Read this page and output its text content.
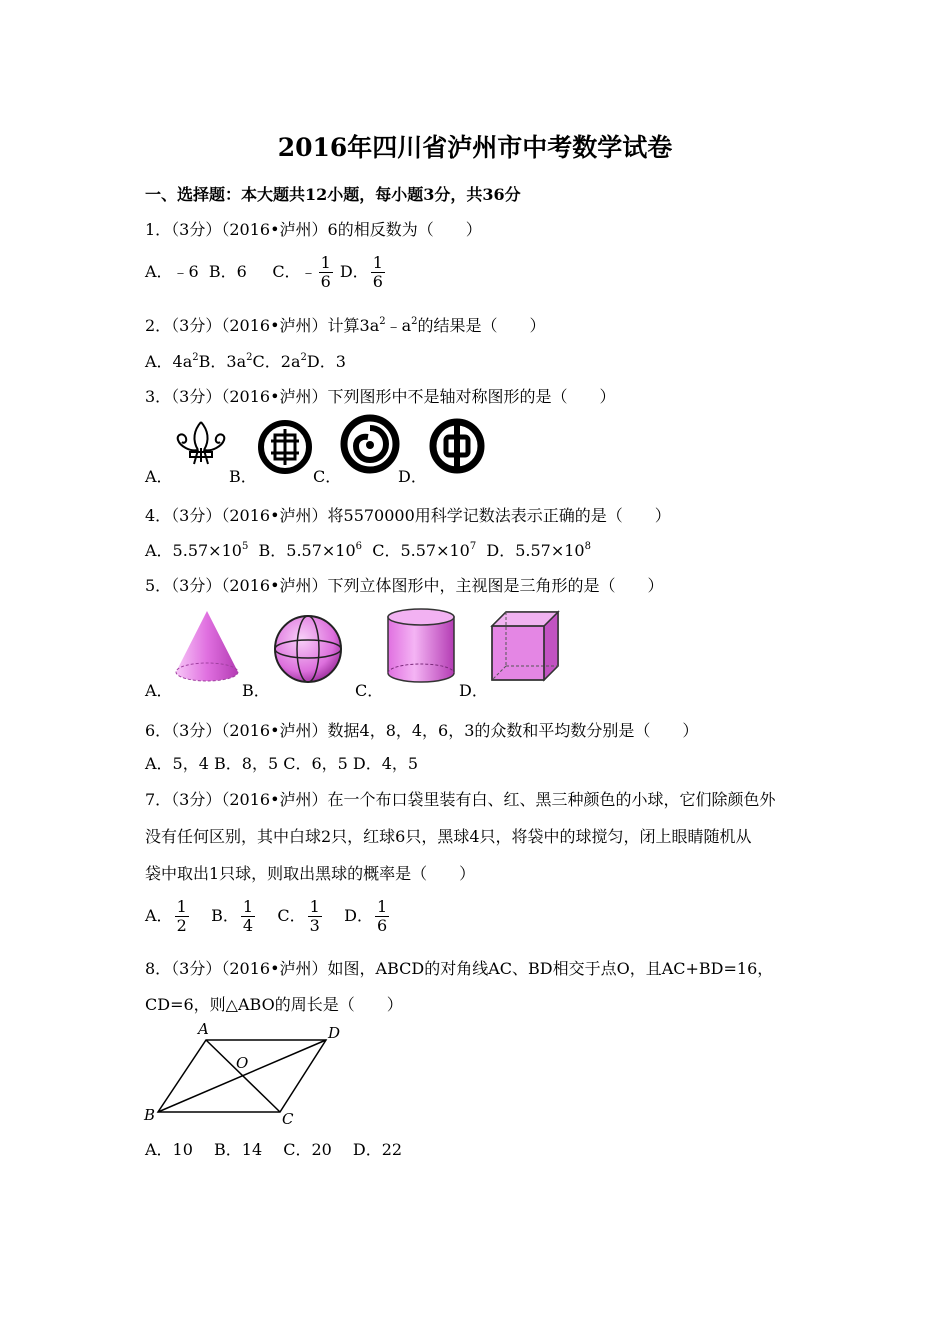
2016年四川省泸州市中考数学试卷
一、选择题：本大题共12小题，每小题3分，共36分
1．（3分）（2016•泸州）6的相反数为（　　）
A．﹣6 B．6 C．﹣ $\frac{1}{6}$ D． $\frac{1}{6}$
2．（3分）（2016•泸州）计算$3a^2﹣a^2$的结果是（　　）
A．$4a^2B$．$3a^2C$．$2a^2D$．3
3．（3分）（2016•泸州）下列图形中不是轴对称图形的是（　　）
A．	B．	C．	D．
4．（3分）（2016•泸州）将5570000用科学记数法表示正确的是（　　）
A．$5.57\times 10^5$ B．$5.57\times 10^6$ C．$5.57\times 10^7$ D．$5.57\times 10^8$
5．（3分）（2016•泸州）下列立体图形中，主视图是三角形的是（　　）
A．	B．	C．	D．
6．（3分）（2016•泸州）数据4，8，4，6，3的众数和平均数分别是（　　）
A．5，4 B．8，5 C．6，5 D．4，5
7．（3分）（2016•泸州）在一个布口袋里装有白、红、黑三种颜色的小球，它们除颜色外
没有任何区别，其中白球2只，红球6只，黑球4只，将袋中的球搅匀，闭上眼睛随机从
袋中取出1只球，则取出黑球的概率是（　　）
A． $\frac{1}{2}$ B． $\frac{1}{4}$ C． $\frac{1}{3}$ D． $\frac{1}{6}$
8．（3分）（2016•泸州）如图，ABCD的对角线AC、BD相交于点O，且AC+BD=16，
CD=6，则△ABO的周长是（　　）
A	D
B	C
O
A．10　 B．14　 C．20　 D．22
